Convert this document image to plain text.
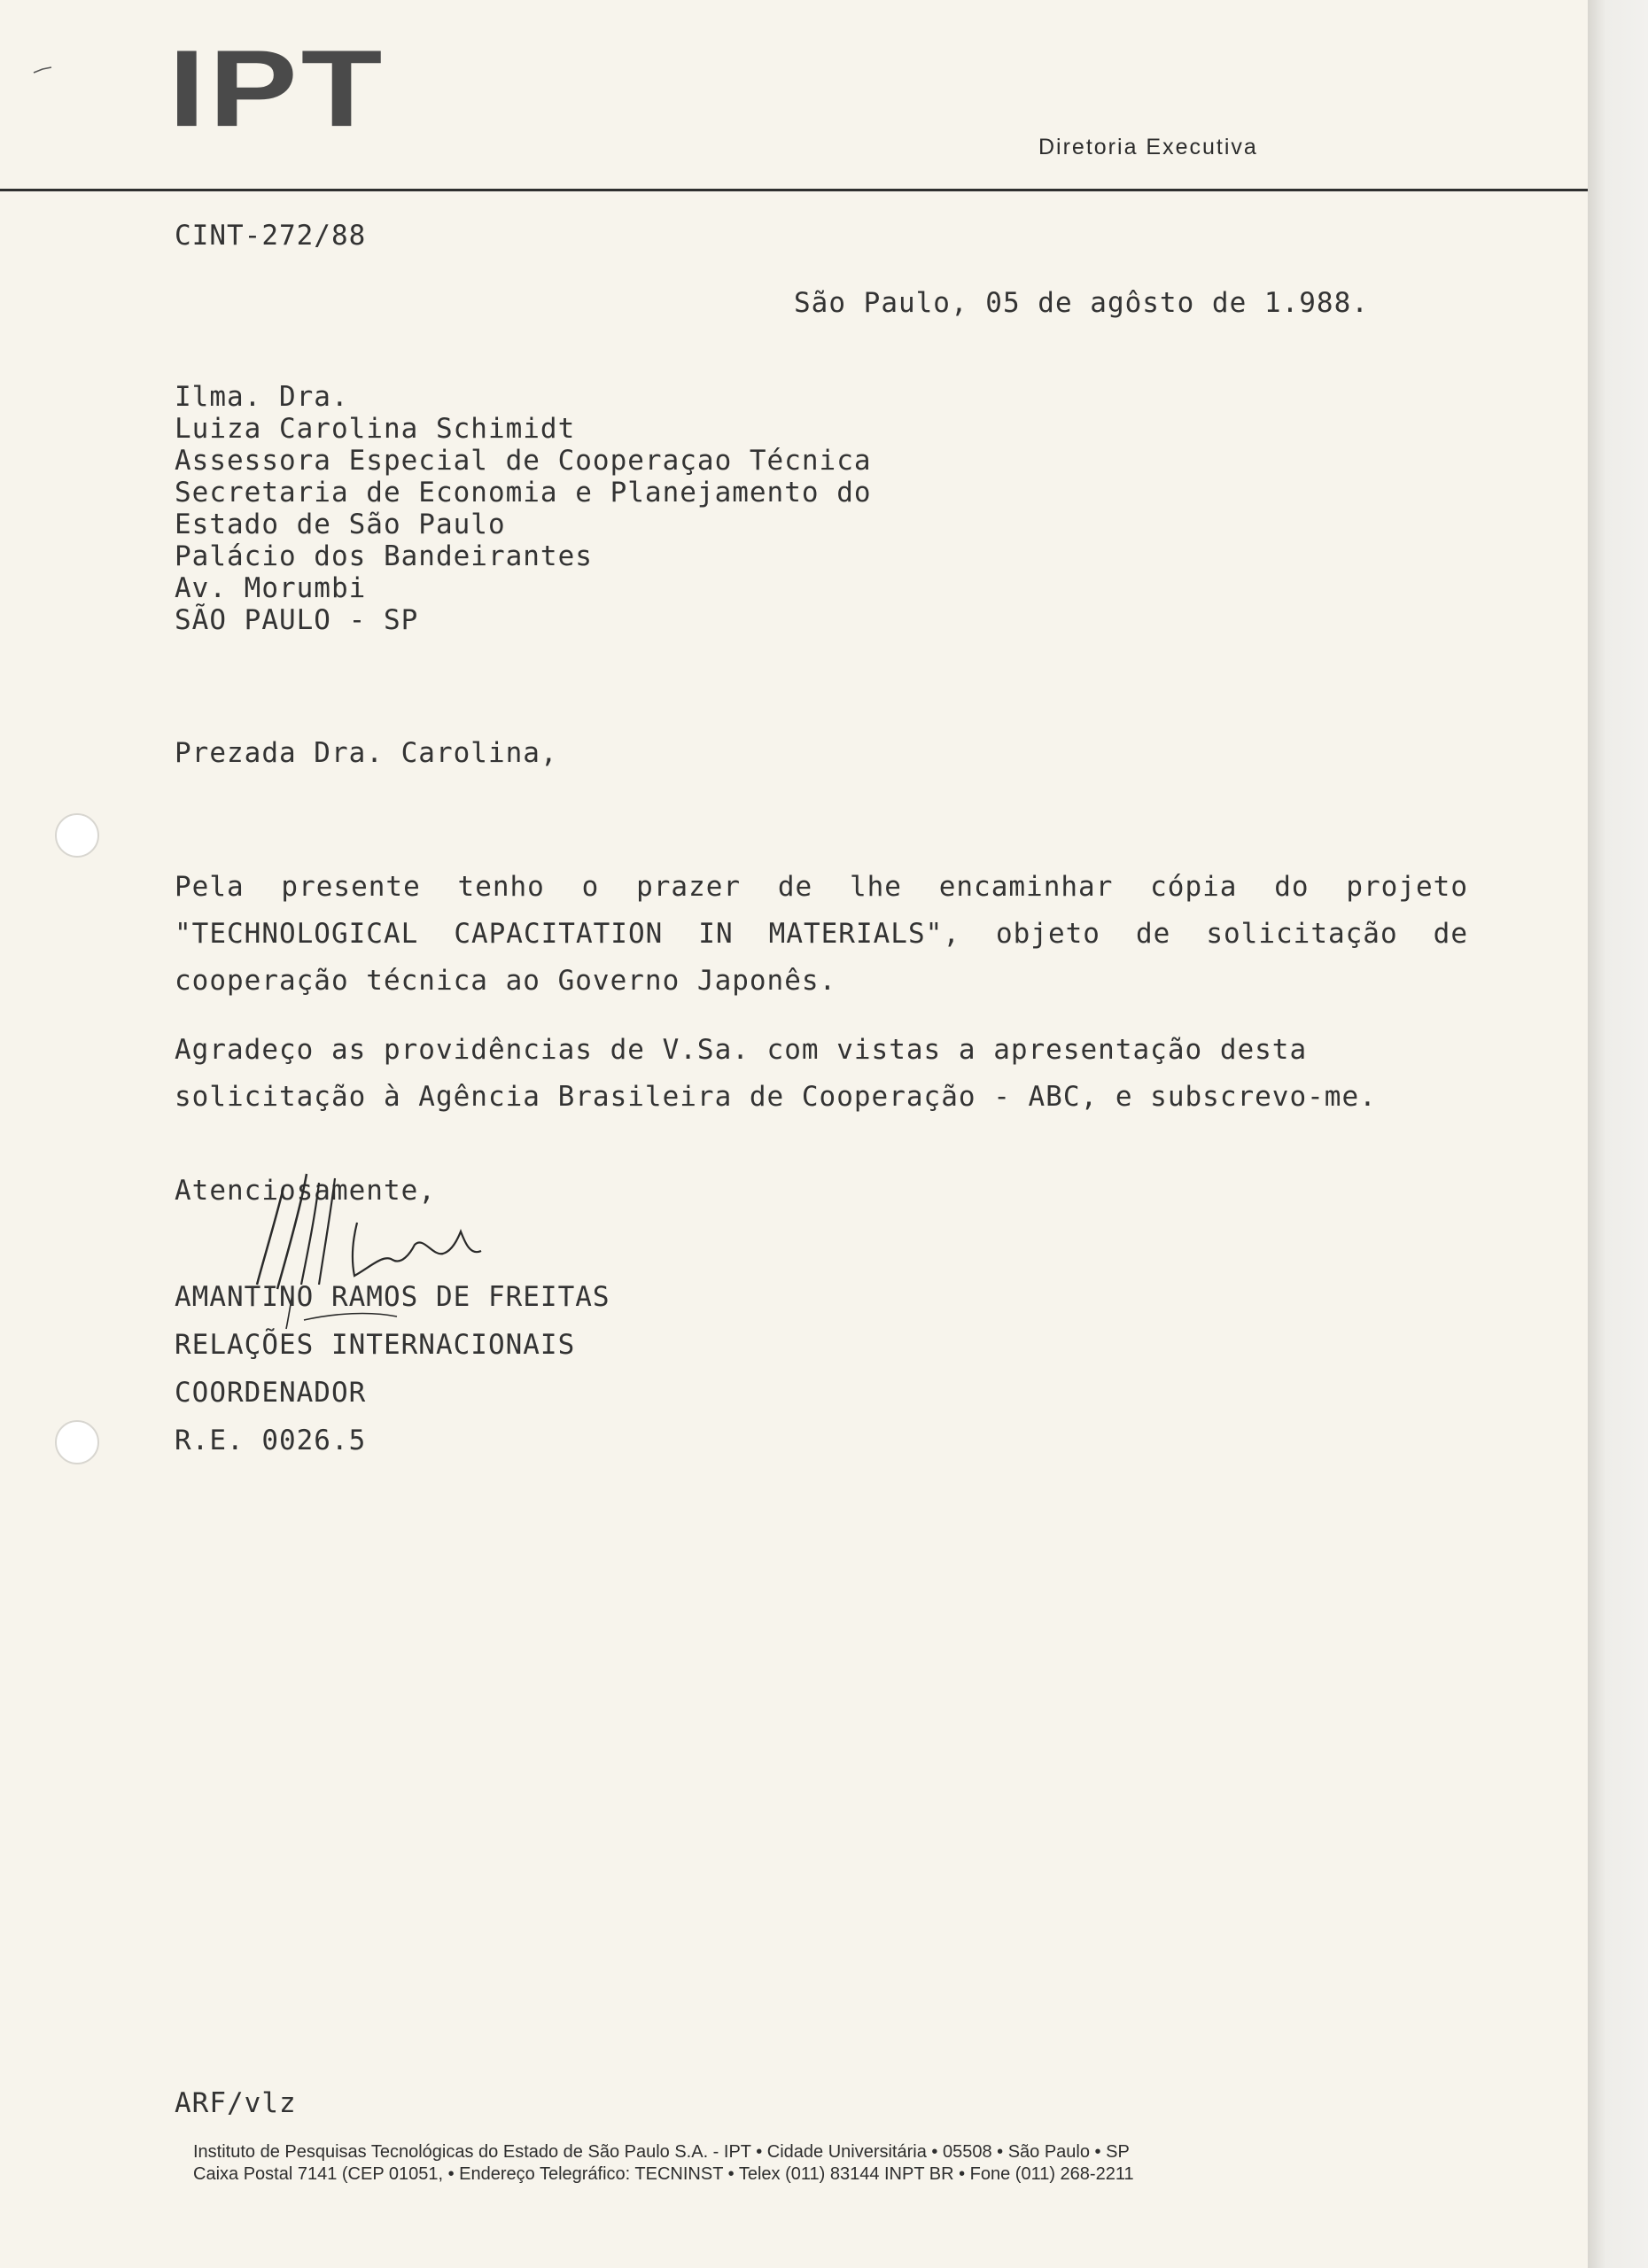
IPT	Diretoria Executiva
CINT-272/88
São Paulo, 05 de agôsto de 1.988.
Ilma. Dra.
Luiza Carolina Schimidt
Assessora Especial de Cooperaçao Técnica
Secretaria de Economia e Planejamento do
Estado de São Paulo
Palácio dos Bandeirantes
Av. Morumbi
SÃO PAULO - SP
Prezada Dra. Carolina,

Pela presente tenho o prazer de lhe encaminhar cópia do projeto "TECHNOLOGICAL CAPACITATION IN MATERIALS", objeto de solicitação de cooperação técnica ao Governo Japonês.

Agradeço as providências de V.Sa. com vistas a apresentação desta solicitação à Agência Brasileira de Cooperação - ABC, e subscrevo-me.

Atenciosamente,
AMANTINO RAMOS DE FREITAS
RELAÇÕES INTERNACIONAIS
COORDENADOR
R.E. 0026.5
ARF/vlz
Instituto de Pesquisas Tecnológicas do Estado de São Paulo S.A. - IPT • Cidade Universitária • 05508 • São Paulo • SP
Caixa Postal 7141 (CEP 01051, • Endereço Telegráfico: TECNINST • Telex (011) 83144 INPT BR • Fone (011) 268-2211
